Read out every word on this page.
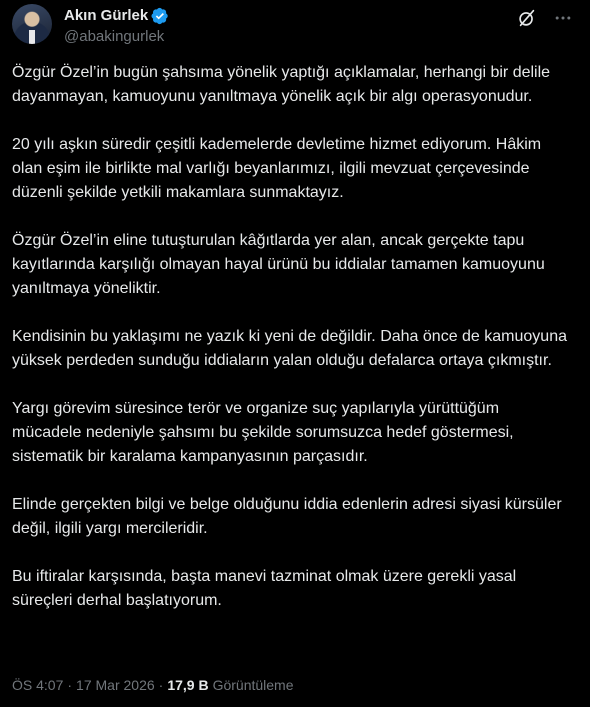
Akın Gürlek
@abakingurlek

Özgür Özel’in bugün şahsıma yönelik yaptığı açıklamalar, herhangi bir delile dayanmayan, kamuoyunu yanıltmaya yönelik açık bir algı operasyonudur.

20 yılı aşkın süredir çeşitli kademelerde devletime hizmet ediyorum. Hâkim olan eşim ile birlikte mal varlığı beyanlarımızı, ilgili mevzuat çerçevesinde düzenli şekilde yetkili makamlara sunmaktayız.

Özgür Özel’in eline tutuşturulan kâğıtlarda yer alan, ancak gerçekte tapu kayıtlarında karşılığı olmayan hayal ürünü bu iddialar tamamen kamuoyunu yanıltmaya yöneliktir.

Kendisinin bu yaklaşımı ne yazık ki yeni de değildir. Daha önce de kamuoyuna yüksek perdeden sunduğu iddiaların yalan olduğu defalarca ortaya çıkmıştır.

Yargı görevim süresince terör ve organize suç yapılarıyla yürüttüğüm mücadele nedeniyle şahsımı bu şekilde sorumsuzca hedef göstermesi, sistematik bir karalama kampanyasının parçasıdır.

Elinde gerçekten bilgi ve belge olduğunu iddia edenlerin adresi siyasi kürsüler değil, ilgili yargı mercileridir.

Bu iftiralar karşısında, başta manevi tazminat olmak üzere gerekli yasal süreçleri derhal başlatıyorum.

ÖS 4:07 · 17 Mar 2026 · 17,9 B Görüntüleme
